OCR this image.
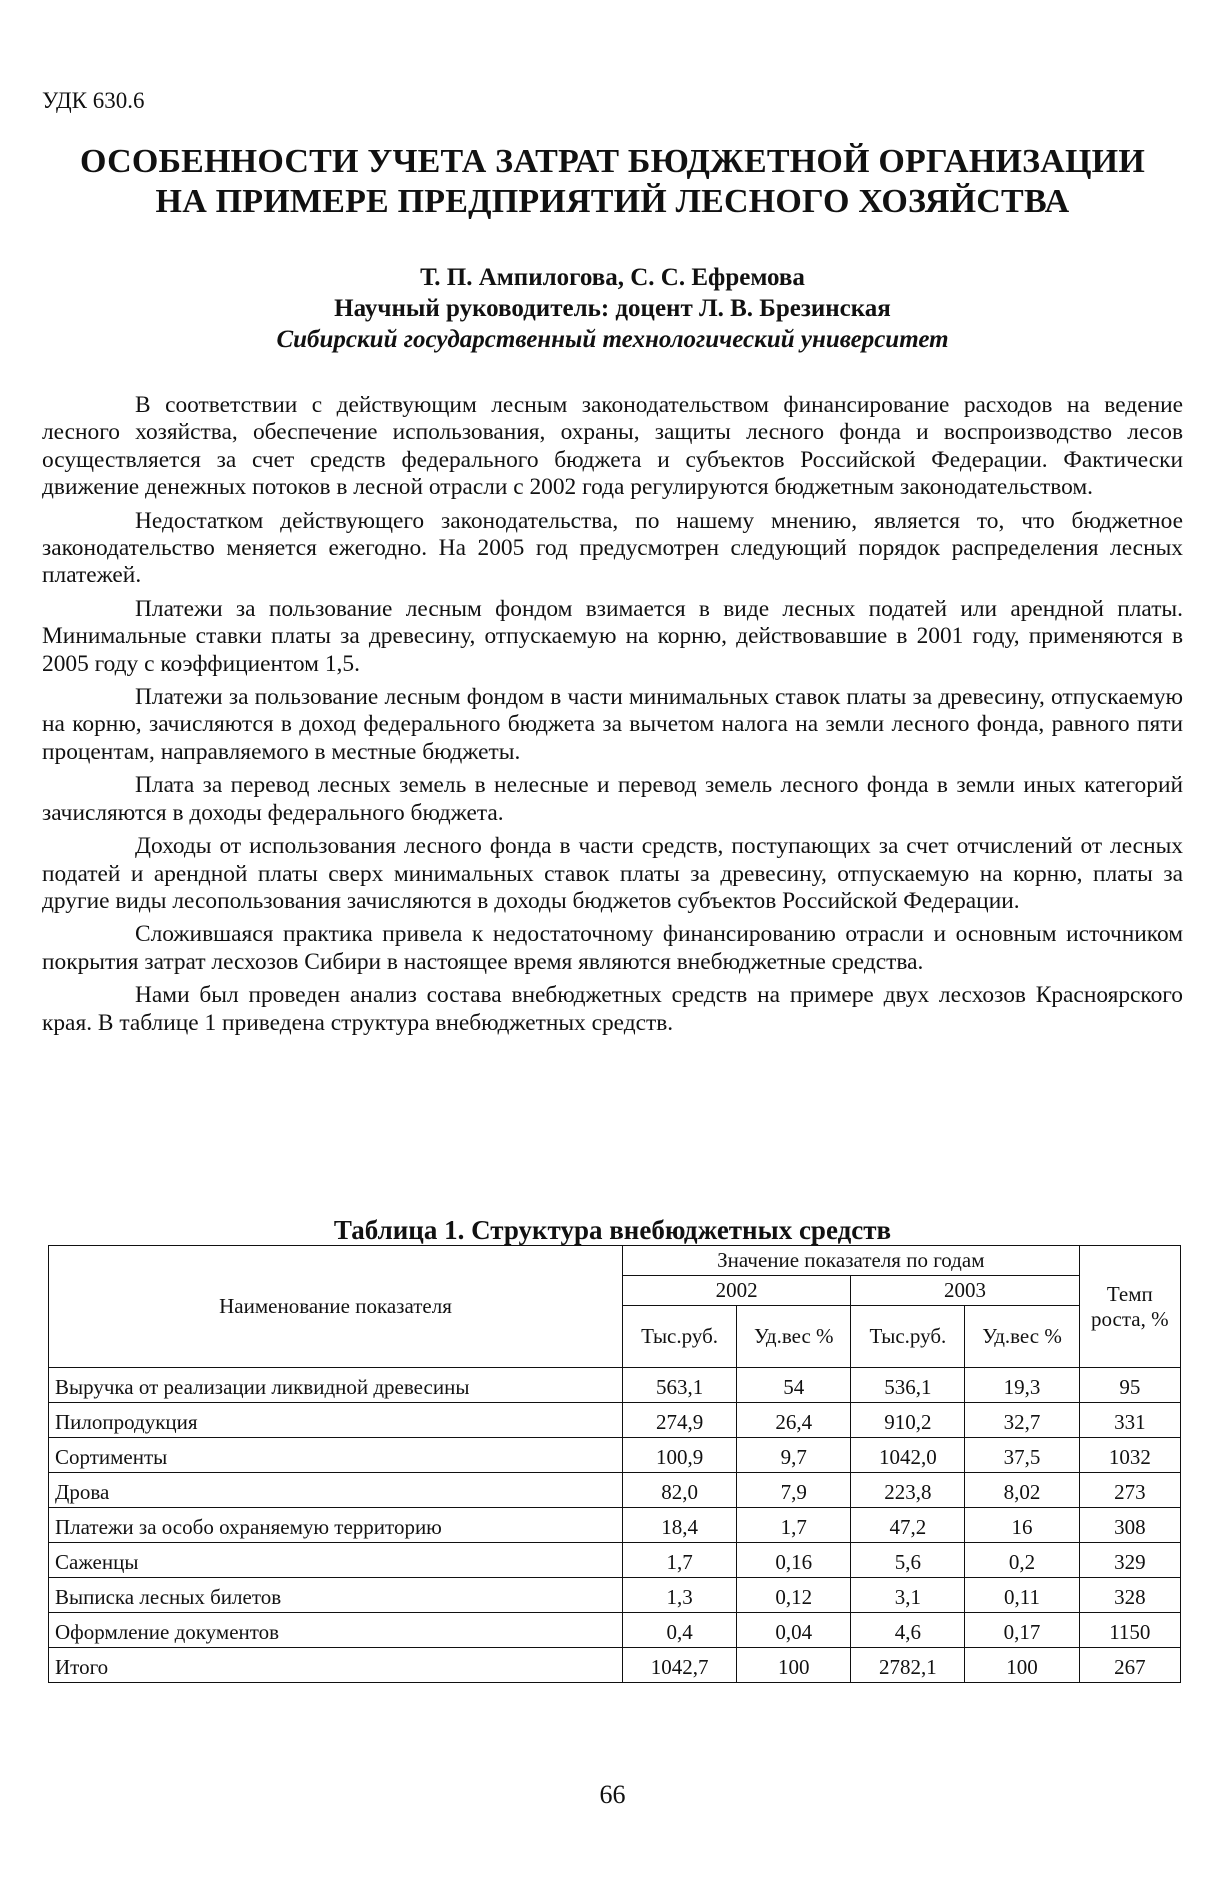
УДК 630.6
ОСОБЕННОСТИ УЧЕТА ЗАТРАТ БЮДЖЕТНОЙ ОРГАНИЗАЦИИ
НА ПРИМЕРЕ ПРЕДПРИЯТИЙ ЛЕСНОГО ХОЗЯЙСТВА
Т. П. Ампилогова, С. С. Ефремова
Научный руководитель: доцент Л. В. Брезинская
Сибирский государственный технологический университет

В соответствии с действующим лесным законодательством финансирование расходов на ведение лесного хозяйства, обеспечение использования, охраны, защиты лесного фонда и воспроизводство лесов осуществляется за счет средств федерального бюджета и субъектов Российской Федерации. Фактически движение денежных потоков в лесной отрасли с 2002 года регулируются бюджетным законодательством.

Недостатком действующего законодательства, по нашему мнению, является то, что бюджетное законодательство меняется ежегодно. На 2005 год предусмотрен следующий порядок распределения лесных платежей.

Платежи за пользование лесным фондом взимается в виде лесных податей или арендной платы. Минимальные ставки платы за древесину, отпускаемую на корню, действовавшие в 2001 году, применяются в 2005 году с коэффициентом 1,5.

Платежи за пользование лесным фондом в части минимальных ставок платы за древесину, отпускаемую на корню, зачисляются в доход федерального бюджета за вычетом налога на земли лесного фонда, равного пяти процентам, направляемого в местные бюджеты.

Плата за перевод лесных земель в нелесные и перевод земель лесного фонда в земли иных категорий зачисляются в доходы федерального бюджета.

Доходы от использования лесного фонда в части средств, поступающих за счет отчислений от лесных податей и арендной платы сверх минимальных ставок платы за древесину, отпускаемую на корню, платы за другие виды лесопользования зачисляются в доходы бюджетов субъектов Российской Федерации.

Сложившаяся практика привела к недостаточному финансированию отрасли и основным источником покрытия затрат лесхозов Сибири в настоящее время являются внебюджетные средства.

Нами был проведен анализ состава внебюджетных средств на примере двух лесхозов Красноярского края. В таблице 1 приведена структура внебюджетных средств.

Таблица 1. Структура внебюджетных средств
Наименование показателя	Значение показателя по годам				Темп роста, %
	2002		2003		
	Тыс.руб.	Уд.вес %	Тыс.руб.	Уд.вес %	
Выручка от реализации ликвидной древесины	563,1	54	536,1	19,3	95
Пилопродукция	274,9	26,4	910,2	32,7	331
Сортименты	100,9	9,7	1042,0	37,5	1032
Дрова	82,0	7,9	223,8	8,02	273
Платежи за особо охраняемую территорию	18,4	1,7	47,2	16	308
Саженцы	1,7	0,16	5,6	0,2	329
Выписка лесных билетов	1,3	0,12	3,1	0,11	328
Оформление документов	0,4	0,04	4,6	0,17	1150
Итого	1042,7	100	2782,1	100	267
66
